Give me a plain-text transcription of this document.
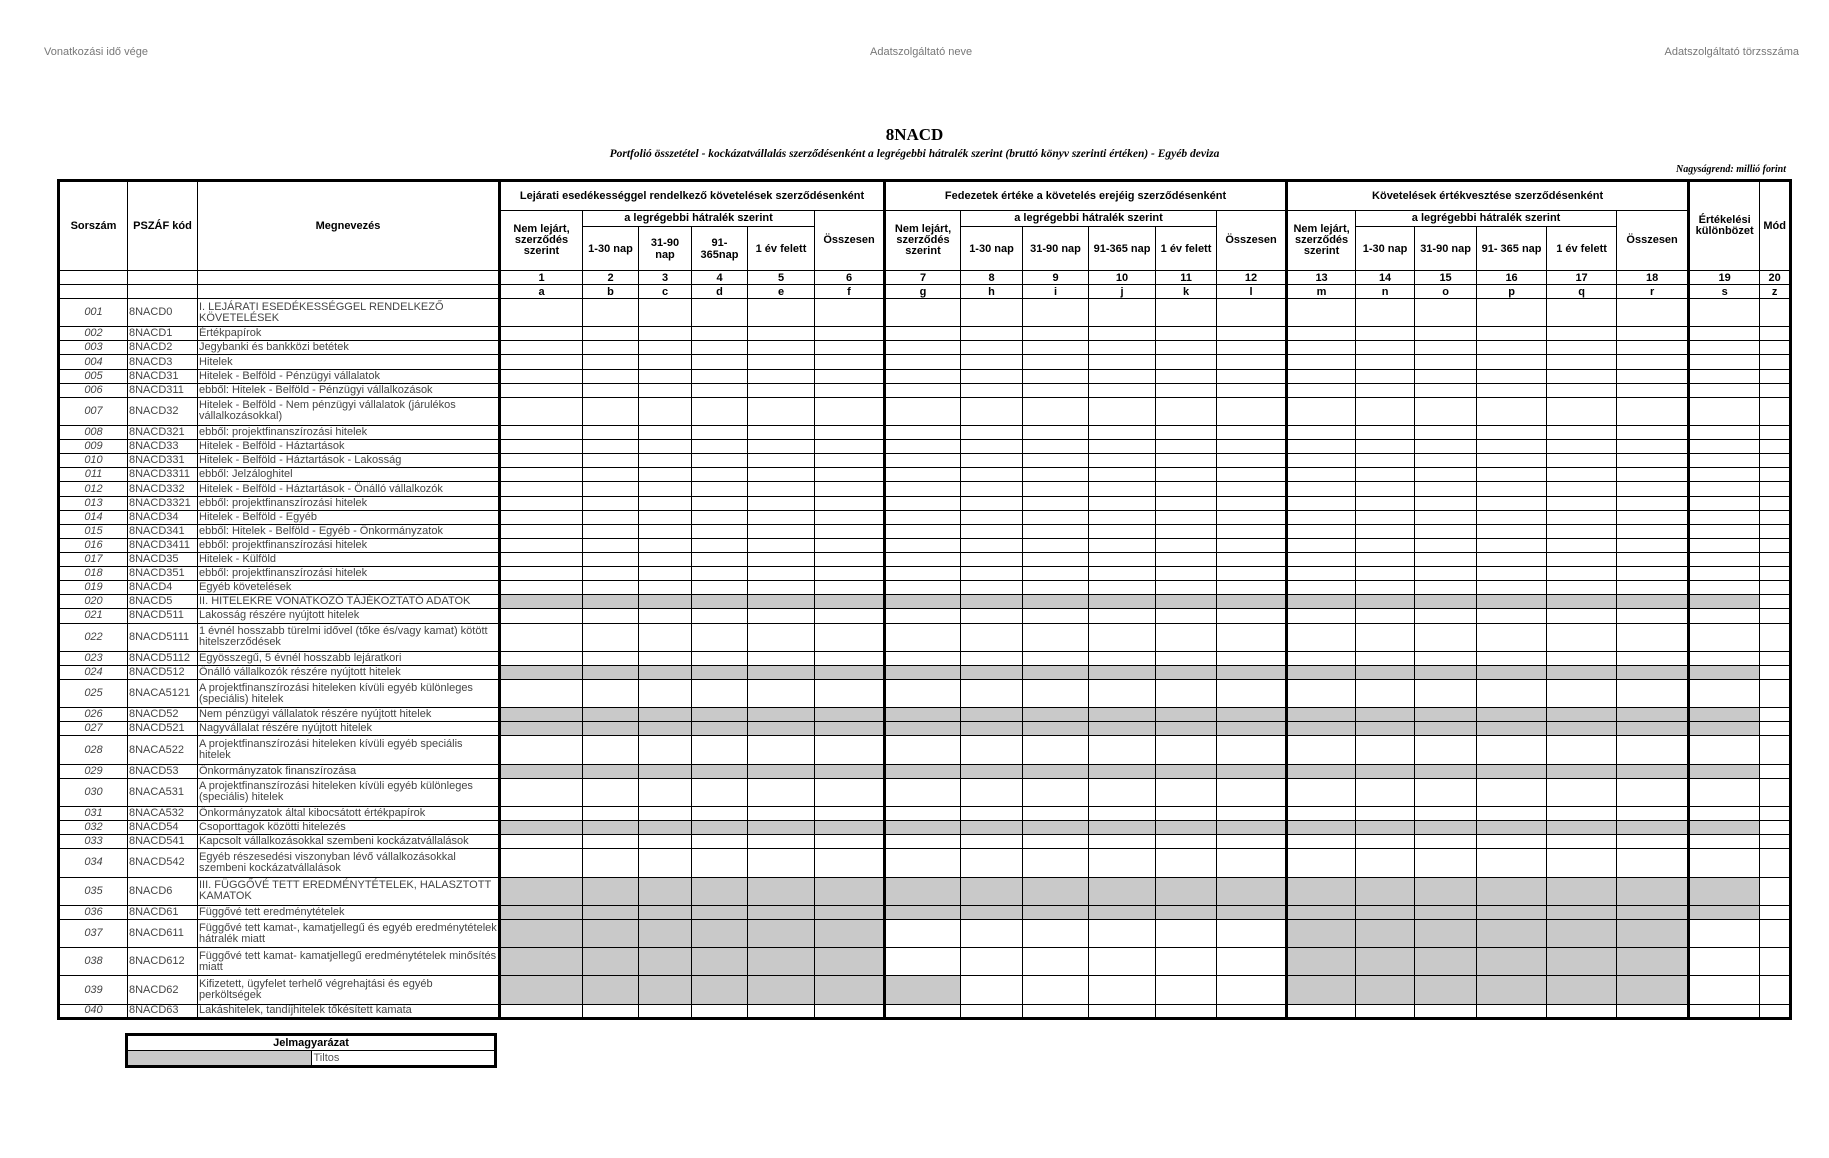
Vonatkozási idő vége	Adatszolgáltató neve	Adatszolgáltató törzsszáma
8NACD
Portfolió összetétel - kockázatvállalás szerződésenként a legrégebbi hátralék szerint (bruttó könyv szerinti értéken) - Egyéb deviza
Nagyságrend: millió forint
Sorszám	PSZÁF kód	Megnevezés	Lejárati esedékességgel rendelkező követelések szerződésenként						Fedezetek értéke a követelés erejéig szerződésenként						Követelések értékvesztése szerződésenként						Értékelési különbözet	Mód
			Nem lejárt, szerződés szerint	a legrégebbi hátralék szerint				Összesen	Nem lejárt, szerződés szerint	a legrégebbi hátralék szerint				Összesen	Nem lejárt, szerződés szerint	a legrégebbi hátralék szerint				Összesen		
				1-30 nap	31-90 nap	91-365nap	1 év felett			1-30 nap	31-90 nap	91-365 nap	1 év felett			1-30 nap	31-90 nap	91- 365 nap	1 év felett			
			1	2	3	4	5	6	7	8	9	10	11	12	13	14	15	16	17	18	19	20
			a	b	c	d	e	f	g	h	i	j	k	l	m	n	o	p	q	r	s	z
001	8NACD0	I. LEJÁRATI ESEDÉKESSÉGGEL RENDELKEZŐ KÖVETELÉSEK																				
002	8NACD1	Értékpapírok																				
003	8NACD2	Jegybanki és bankközi betétek																				
004	8NACD3	Hitelek																				
005	8NACD31	Hitelek - Belföld - Pénzügyi vállalatok																				
006	8NACD311	ebből: Hitelek - Belföld - Pénzügyi vállalkozások																				
007	8NACD32	Hitelek - Belföld - Nem pénzügyi vállalatok (járulékos vállalkozásokkal)																				
008	8NACD321	ebből: projektfinanszírozási hitelek																				
009	8NACD33	Hitelek - Belföld - Háztartások																				
010	8NACD331	Hitelek - Belföld - Háztartások - Lakosság																				
011	8NACD3311	ebből: Jelzáloghitel																				
012	8NACD332	Hitelek - Belföld - Háztartások - Önálló vállalkozók																				
013	8NACD3321	ebből: projektfinanszírozási hitelek																				
014	8NACD34	Hitelek - Belföld - Egyéb																				
015	8NACD341	ebből: Hitelek - Belföld - Egyéb - Önkormányzatok																				
016	8NACD3411	ebből: projektfinanszírozási hitelek																				
017	8NACD35	Hitelek - Külföld																				
018	8NACD351	ebből: projektfinanszírozási hitelek																				
019	8NACD4	Egyéb követelések																				
020	8NACD5	II. HITELEKRE VONATKOZÓ TÁJÉKOZTATÓ ADATOK																				
021	8NACD511	Lakosság részére nyújtott hitelek																				
022	8NACD5111	1 évnél hosszabb türelmi idővel (tőke és/vagy kamat) kötött hitelszerződések																				
023	8NACD5112	Egyösszegű, 5 évnél hosszabb lejáratkori																				
024	8NACD512	Önálló vállalkozók részére nyújtott hitelek																				
025	8NACA5121	A projektfinanszírozási hiteleken kívüli egyéb különleges (speciális) hitelek																				
026	8NACD52	Nem pénzügyi vállalatok részére nyújtott hitelek																				
027	8NACD521	Nagyvállalat részére nyújtott hitelek																				
028	8NACA522	A projektfinanszírozási hiteleken kívüli egyéb speciális hitelek																				
029	8NACD53	Önkormányzatok finanszírozása																				
030	8NACA531	A projektfinanszírozási hiteleken kívüli egyéb különleges (speciális) hitelek																				
031	8NACA532	Önkormányzatok által kibocsátott értékpapírok																				
032	8NACD54	Csoporttagok közötti hitelezés																				
033	8NACD541	Kapcsolt vállalkozásokkal szembeni kockázatvállalások																				
034	8NACD542	Egyéb részesedési viszonyban lévő vállalkozásokkal szembeni kockázatvállalások																				
035	8NACD6	III. FÜGGŐVÉ TETT EREDMÉNYTÉTELEK, HALASZTOTT KAMATOK																				
036	8NACD61	Függővé tett eredménytételek																				
037	8NACD611	Függővé tett kamat-, kamatjellegű és egyéb eredménytételek hátralék miatt																				
038	8NACD612	Függővé tett kamat- kamatjellegű eredménytételek minősítés miatt																				
039	8NACD62	Kifizetett, ügyfelet terhelő végrehajtási és egyéb perköltségek																				
040	8NACD63	Lakáshitelek, tandíjhitelek tőkésített kamata																				
Jelmagyarázat
	Tiltos
